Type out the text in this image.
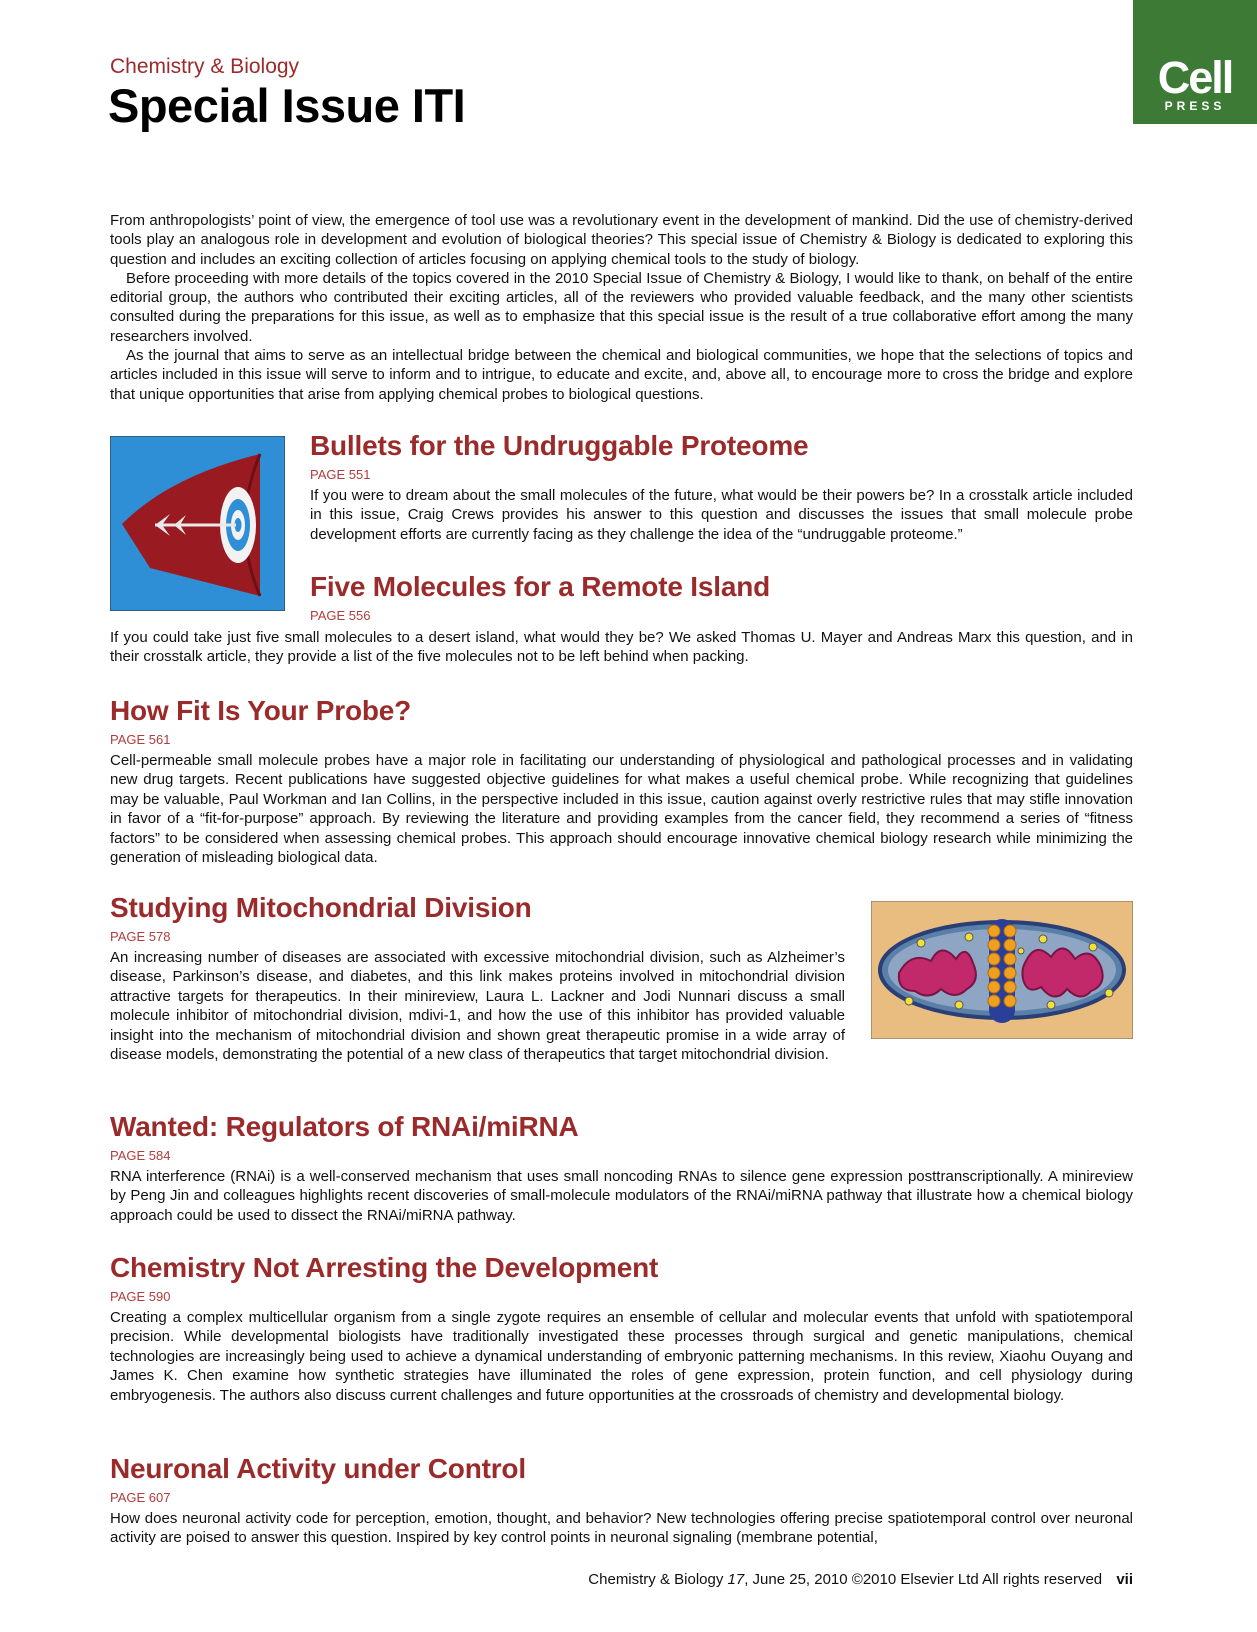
Chemistry & Biology
Special Issue ITI
Cell
PRESS

From anthropologists’ point of view, the emergence of tool use was a revolutionary event in the development of mankind. Did the use of chemistry-derived tools play an analogous role in development and evolution of biological theories? This special issue of Chemistry & Biology is dedicated to exploring this question and includes an exciting collection of articles focusing on applying chemical tools to the study of biology.

Before proceeding with more details of the topics covered in the 2010 Special Issue of Chemistry & Biology, I would like to thank, on behalf of the entire editorial group, the authors who contributed their exciting articles, all of the reviewers who provided valuable feedback, and the many other scientists consulted during the preparations for this issue, as well as to emphasize that this special issue is the result of a true collaborative effort among the many researchers involved.

As the journal that aims to serve as an intellectual bridge between the chemical and biological communities, we hope that the selections of topics and articles included in this issue will serve to inform and to intrigue, to educate and excite, and, above all, to encourage more to cross the bridge and explore that unique opportunities that arise from applying chemical probes to biological questions.

Bullets for the Undruggable Proteome
PAGE 551

If you were to dream about the small molecules of the future, what would be their powers be? In a crosstalk article included in this issue, Craig Crews provides his answer to this question and discusses the issues that small molecule probe development efforts are currently facing as they challenge the idea of the “undruggable proteome.”

Five Molecules for a Remote Island
PAGE 556

If you could take just five small molecules to a desert island, what would they be? We asked Thomas U. Mayer and Andreas Marx this question, and in their crosstalk article, they provide a list of the five molecules not to be left behind when packing.

How Fit Is Your Probe?
PAGE 561

Cell-permeable small molecule probes have a major role in facilitating our understanding of physiological and pathological processes and in validating new drug targets. Recent publications have suggested objective guidelines for what makes a useful chemical probe. While recognizing that guidelines may be valuable, Paul Workman and Ian Collins, in the perspective included in this issue, caution against overly restrictive rules that may stifle innovation in favor of a “fit-for-purpose” approach. By reviewing the literature and providing examples from the cancer field, they recommend a series of “fitness factors” to be considered when assessing chemical probes. This approach should encourage innovative chemical biology research while minimizing the generation of misleading biological data.

Studying Mitochondrial Division
PAGE 578

An increasing number of diseases are associated with excessive mitochondrial division, such as Alzheimer’s disease, Parkinson’s disease, and diabetes, and this link makes proteins involved in mitochondrial division attractive targets for therapeutics. In their minireview, Laura L. Lackner and Jodi Nunnari discuss a small molecule inhibitor of mitochondrial division, mdivi-1, and how the use of this inhibitor has provided valuable insight into the mechanism of mitochondrial division and shown great therapeutic promise in a wide array of disease models, demonstrating the potential of a new class of therapeutics that target mitochondrial division.

Wanted: Regulators of RNAi/miRNA
PAGE 584

RNA interference (RNAi) is a well-conserved mechanism that uses small noncoding RNAs to silence gene expression posttranscriptionally. A minireview by Peng Jin and colleagues highlights recent discoveries of small-molecule modulators of the RNAi/miRNA pathway that illustrate how a chemical biology approach could be used to dissect the RNAi/miRNA pathway.

Chemistry Not Arresting the Development
PAGE 590

Creating a complex multicellular organism from a single zygote requires an ensemble of cellular and molecular events that unfold with spatiotemporal precision. While developmental biologists have traditionally investigated these processes through surgical and genetic manipulations, chemical technologies are increasingly being used to achieve a dynamical understanding of embryonic patterning mechanisms. In this review, Xiaohu Ouyang and James K. Chen examine how synthetic strategies have illuminated the roles of gene expression, protein function, and cell physiology during embryogenesis. The authors also discuss current challenges and future opportunities at the crossroads of chemistry and developmental biology.

Neuronal Activity under Control
PAGE 607

How does neuronal activity code for perception, emotion, thought, and behavior? New technologies offering precise spatiotemporal control over neuronal activity are poised to answer this question. Inspired by key control points in neuronal signaling (membrane potential,

Chemistry & Biology 17, June 25, 2010 ©2010 Elsevier Ltd All rights reserved vii
